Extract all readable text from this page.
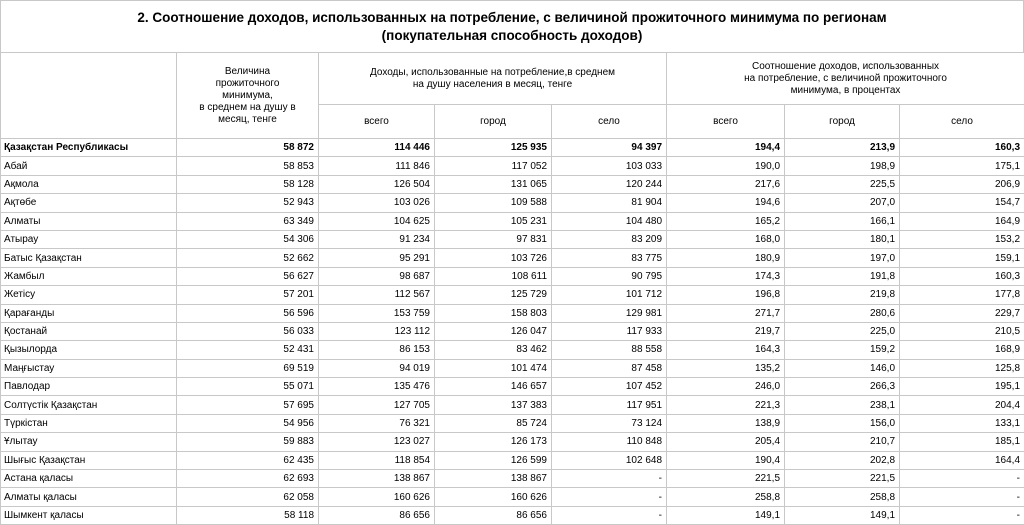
2. Соотношение доходов, использованных на потребление, с величиной прожиточного минимума по регионам
(покупательная способность доходов)

	Величина
прожиточного
минимума,
в среднем на душу в
месяц, тенге	Доходы, использованные на потребление,в среднем
на душу населения в месяц, тенге			Соотношение доходов, использованных
на потребление, с величиной прожиточного
минимума, в процентах		

		всего	город	село	всего	город	село
Қазақстан Республикасы	58 872	114 446	125 935	94 397	194,4	213,9	160,3
Абай	58 853	111 846	117 052	103 033	190,0	198,9	175,1
Ақмола	58 128	126 504	131 065	120 244	217,6	225,5	206,9
Ақтөбе	52 943	103 026	109 588	81 904	194,6	207,0	154,7
Алматы	63 349	104 625	105 231	104 480	165,2	166,1	164,9
Атырау	54 306	91 234	97 831	83 209	168,0	180,1	153,2
Батыс Қазақстан	52 662	95 291	103 726	83 775	180,9	197,0	159,1
Жамбыл	56 627	98 687	108 611	90 795	174,3	191,8	160,3
Жетісу	57 201	112 567	125 729	101 712	196,8	219,8	177,8
Қарағанды	56 596	153 759	158 803	129 981	271,7	280,6	229,7
Қостанай	56 033	123 112	126 047	117 933	219,7	225,0	210,5
Қызылорда	52 431	86 153	83 462	88 558	164,3	159,2	168,9
Маңғыстау	69 519	94 019	101 474	87 458	135,2	146,0	125,8
Павлодар	55 071	135 476	146 657	107 452	246,0	266,3	195,1
Солтүстік Қазақстан	57 695	127 705	137 383	117 951	221,3	238,1	204,4
Түркістан	54 956	76 321	85 724	73 124	138,9	156,0	133,1
Ұлытау	59 883	123 027	126 173	110 848	205,4	210,7	185,1
Шығыс Қазақстан	62 435	118 854	126 599	102 648	190,4	202,8	164,4
Астана қаласы	62 693	138 867	138 867	-	221,5	221,5	-
Алматы қаласы	62 058	160 626	160 626	-	258,8	258,8	-
Шымкент қаласы	58 118	86 656	86 656	-	149,1	149,1	-
